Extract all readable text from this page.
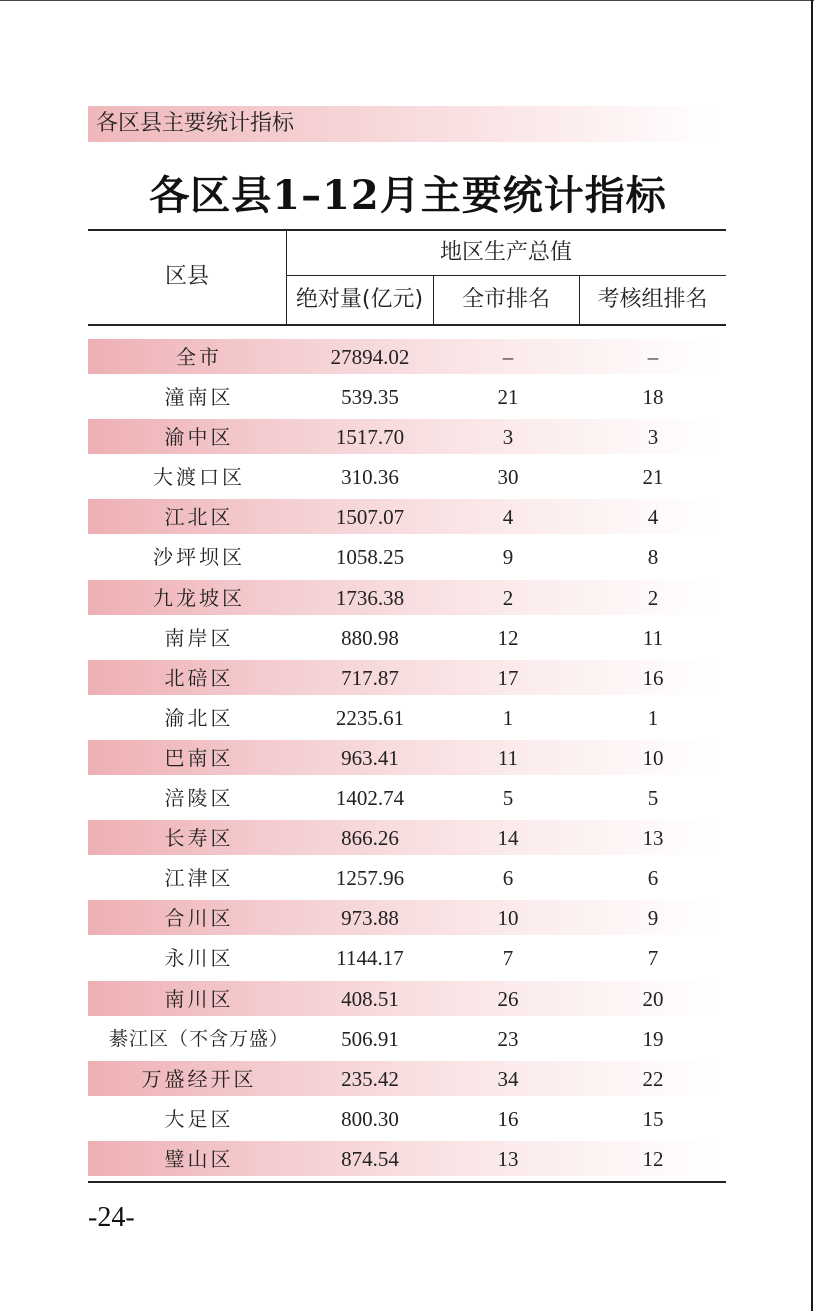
各区县主要统计指标
各区县1–12月主要统计指标
区县
地区生产总值
绝对量(亿元)	全市排名	考核组排名
全市	27894.02	–	–
潼南区	539.35	21	18
渝中区	1517.70	3	3
大渡口区	310.36	30	21
江北区	1507.07	4	4
沙坪坝区	1058.25	9	8
九龙坡区	1736.38	2	2
南岸区	880.98	12	11
北碚区	717.87	17	16
渝北区	2235.61	1	1
巴南区	963.41	11	10
涪陵区	1402.74	5	5
长寿区	866.26	14	13
江津区	1257.96	6	6
合川区	973.88	10	9
永川区	1144.17	7	7
南川区	408.51	26	20
綦江区（不含万盛）	506.91	23	19
万盛经开区	235.42	34	22
大足区	800.30	16	15
璧山区	874.54	13	12
-24-
